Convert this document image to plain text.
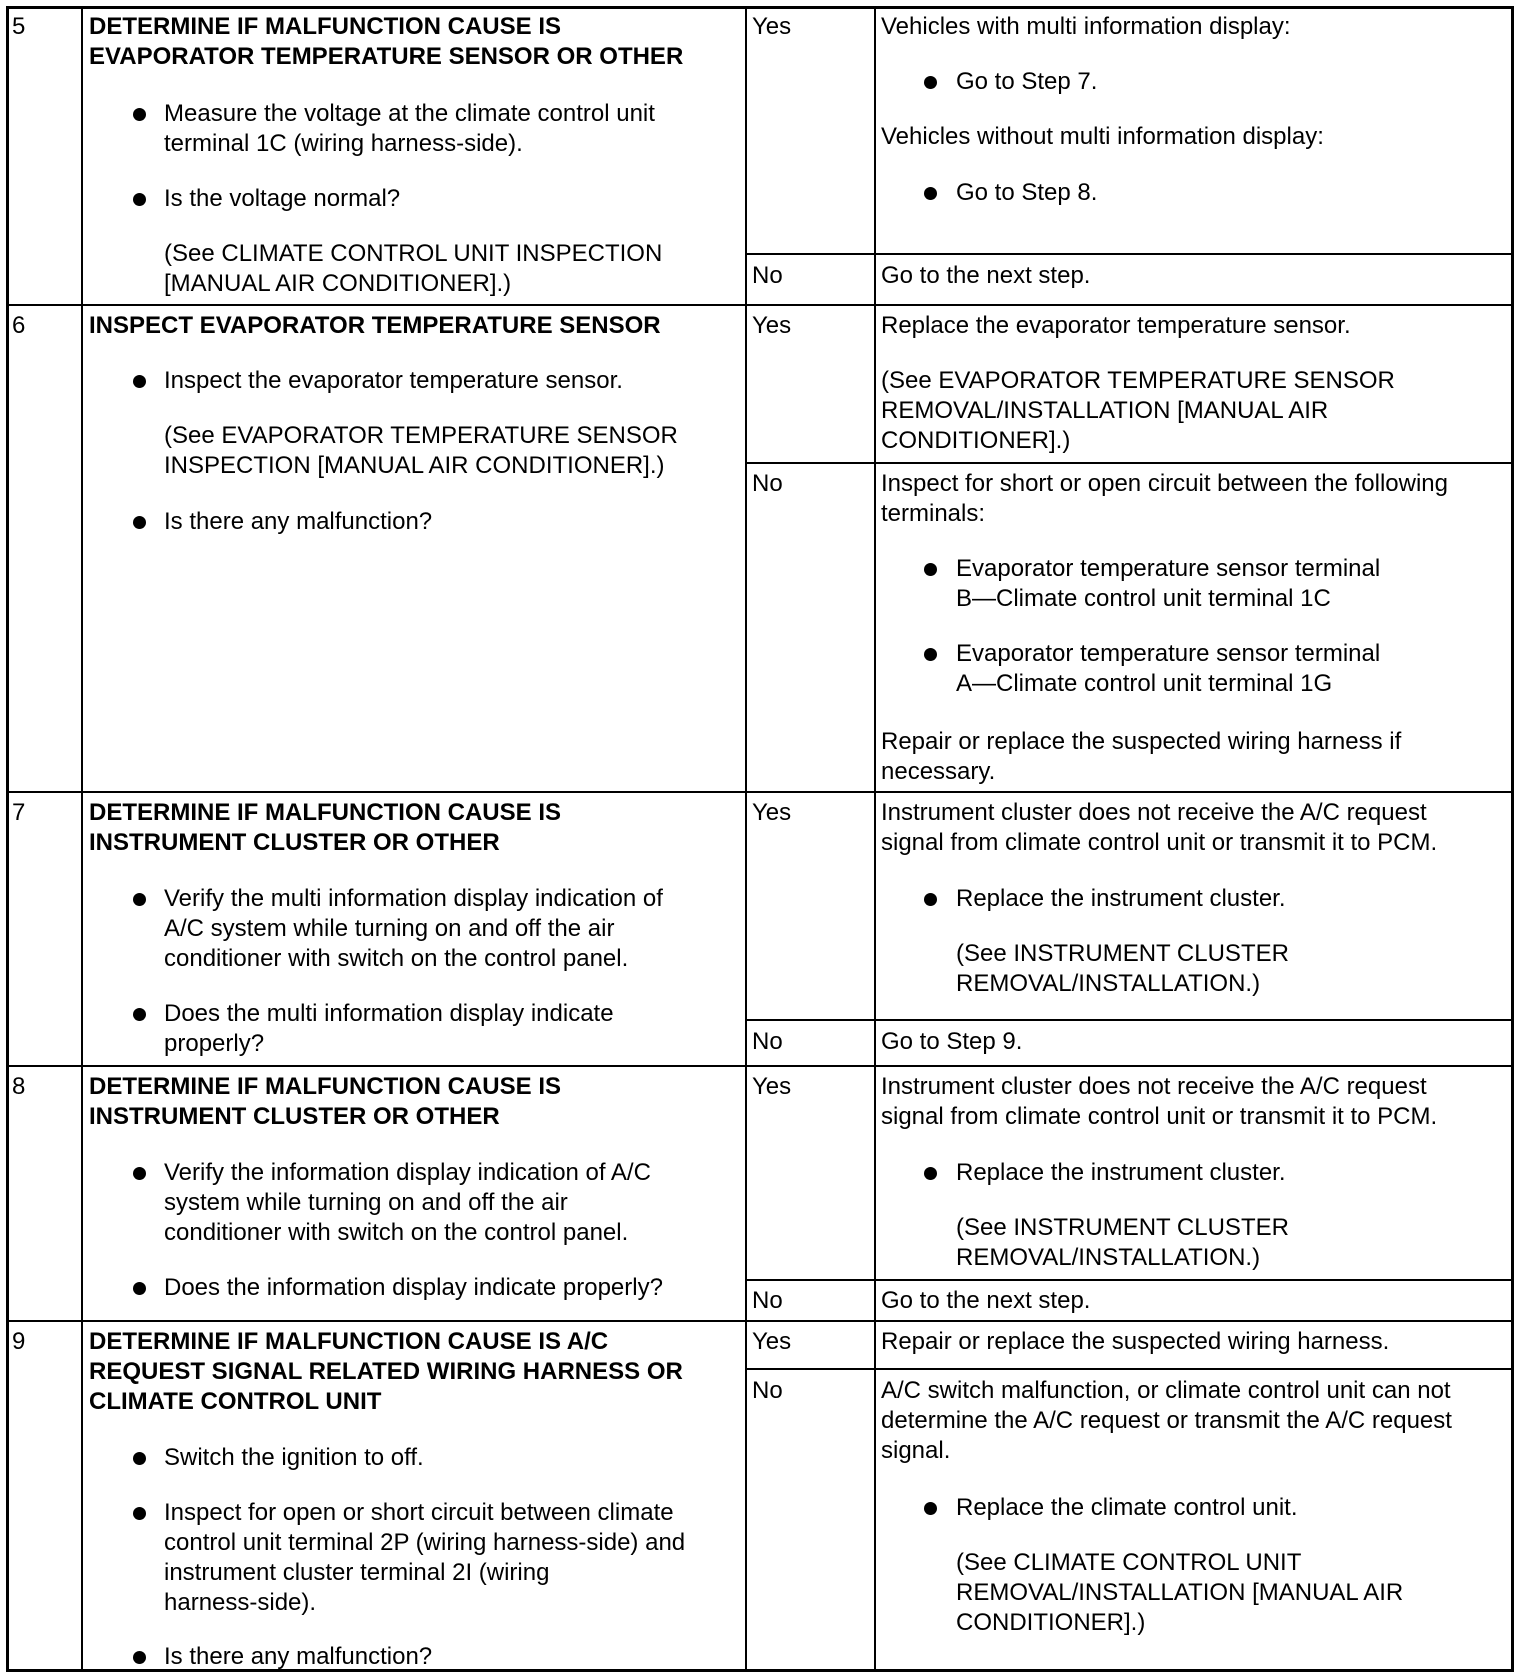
5	DETERMINE IF MALFUNCTION CAUSE IS
EVAPORATOR TEMPERATURE SENSOR OR OTHER

Measure the voltage at the climate control unit
terminal 1C (wiring harness-side).

Is the voltage normal?

(See CLIMATE CONTROL UNIT INSPECTION
[MANUAL AIR CONDITIONER].)

Yes	Vehicles with multi information display:

Go to Step 7.

Vehicles without multi information display:

Go to Step 8.

No	Go to the next step.

6	INSPECT EVAPORATOR TEMPERATURE SENSOR

Inspect the evaporator temperature sensor.

(See EVAPORATOR TEMPERATURE SENSOR
INSPECTION [MANUAL AIR CONDITIONER].)

Is there any malfunction?

Yes	Replace the evaporator temperature sensor.

(See EVAPORATOR TEMPERATURE SENSOR
REMOVAL/INSTALLATION [MANUAL AIR
CONDITIONER].)

No	Inspect for short or open circuit between the following
terminals:

Evaporator temperature sensor terminal
B—Climate control unit terminal 1C

Evaporator temperature sensor terminal
A—Climate control unit terminal 1G

Repair or replace the suspected wiring harness if
necessary.

7	DETERMINE IF MALFUNCTION CAUSE IS
INSTRUMENT CLUSTER OR OTHER

Verify the multi information display indication of
A/C system while turning on and off the air
conditioner with switch on the control panel.

Does the multi information display indicate
properly?

Yes	Instrument cluster does not receive the A/C request
signal from climate control unit or transmit it to PCM.

Replace the instrument cluster.

(See INSTRUMENT CLUSTER
REMOVAL/INSTALLATION.)

No	Go to Step 9.

8	DETERMINE IF MALFUNCTION CAUSE IS
INSTRUMENT CLUSTER OR OTHER

Verify the information display indication of A/C
system while turning on and off the air
conditioner with switch on the control panel.

Does the information display indicate properly?

Yes	Instrument cluster does not receive the A/C request
signal from climate control unit or transmit it to PCM.

Replace the instrument cluster.

(See INSTRUMENT CLUSTER
REMOVAL/INSTALLATION.)

No	Go to the next step.

9	DETERMINE IF MALFUNCTION CAUSE IS A/C
REQUEST SIGNAL RELATED WIRING HARNESS OR
CLIMATE CONTROL UNIT

Switch the ignition to off.

Inspect for open or short circuit between climate
control unit terminal 2P (wiring harness-side) and
instrument cluster terminal 2I (wiring
harness-side).

Is there any malfunction?

Yes	Repair or replace the suspected wiring harness.

No	A/C switch malfunction, or climate control unit can not
determine the A/C request or transmit the A/C request
signal.

Replace the climate control unit.

(See CLIMATE CONTROL UNIT
REMOVAL/INSTALLATION [MANUAL AIR
CONDITIONER].)
